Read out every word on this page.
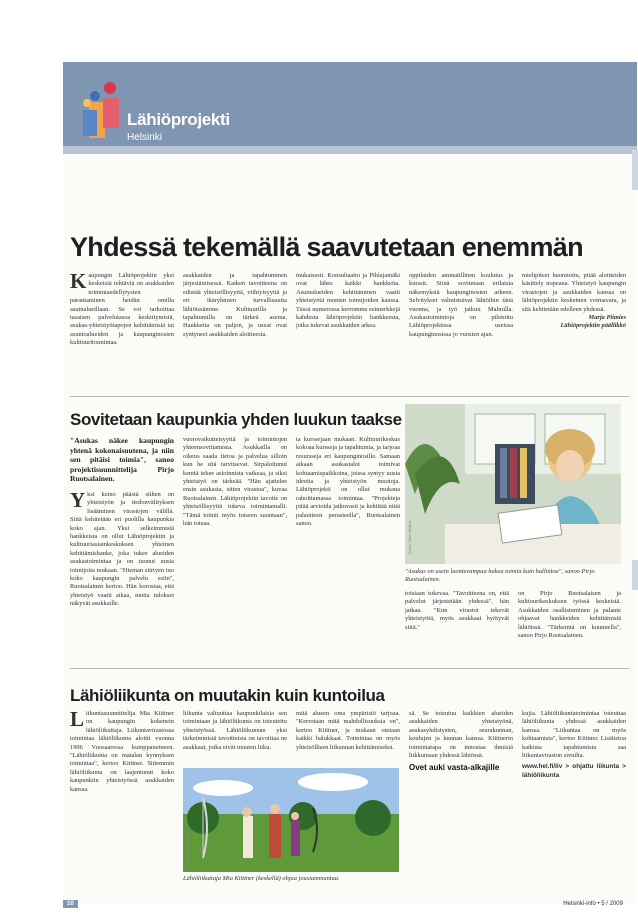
Lähiöprojekti
Helsinki
Yhdessä tekemällä saavutetaan enemmän
Kaupungin Lähiöprojektin yksi keskeisiä tehtäviä on asukkaiden toimintaedellytysten parantaminen heidän omilla asuinalueillaan. Se voi tarkoittaa tasaisen palvelutasoa keskittymistä, asukas-yhteistyötapojen kehittämistä tai asuntoalueiden ja kaupunginosien kulttuuritoimintaa.
asukkaiden ja tapahtuminen järjestämisessä. Kaiken tavoitteena on edistää yhteisöllisyyttä, viihtyisyyttä ja eri ikäryhmien turvallisuutta lähiöissämme. Kulttuurilla ja tapahtumilla on tärkeä asema. Hankkeita on paljon, ja useat ovat syntyneet asukkaiden aloitteesta.
mukaisesti. Konsultaatio ja Pihlajamäki ovat lähes kaikki hankkeita. Asuinalueiden kehittäminen vaatii yhteistyötä monien toimijoiden kanssa. Tässä numerossa kerromme esimerkkejä kahdesta lähiöprojektin hankkeesta, jotka tukevat asukkaiden arkea.
oppilaiden ammatillinen koulutus ja kurssit. Siinä sovitetaan erilaisia näkemyksiä kaupunginosien arkeen. Selvitykset valmistuivat lähiöihin tänä vuonna, ja työ jatkuu Malmilla. Asukastoimintoja on pilotoitu Lähiöprojektissa useissa kaupunginosissa jo vuosien ajan.
mielipiteet huomioitu, pitää aloitteiden käsittely nopeana. Yhteistyö kaupungin virastojen ja asukkaiden kanssa on lähiöprojektin keskeinen voimavara, ja sitä kehitetään edelleen yhdessä.
Marja Piimies
Lähiöprojektin päällikkö
Sovitetaan kaupunkia yhden luukun taakse
"Asukas näkee kaupungin yhtenä kokonaisuutena, ja niin sen pitäisi toimia", sanoo projektisuunnittelija Pirjo Ruotsalainen.
Y ksi keino päästä siihen on yhteistyön ja tiedonvälityksen lisääminen virastojen välillä. Siitä kehitetään eri puolilla kaupunkia koko ajan. Yksi selkeimmistä hankkeista on ollut Lähiöprojektin ja kulttuuriasiainkeskuksen yhteinen kehittämishanke, joka tukee alueiden asukastoimintaa ja on tuonut uusia toimijoita mukaan. "Hieman siirtyen tuo koko kaupungin palvelu esiin", Ruotsalainen kertoo. Hän korostaa, että yhteistyö vaatii aikaa, mutta tulokset näkyvät asukkaille.
vuorovaikutteisyyttä ja toimintojen yhteensovittamista. Asukkailla on oikeus saada tietoa ja palvelua silloin kun he sitä tarvitsevat. Sirpaloitunut kenttä tekee asioinnista vaikeaa, ja siksi yhteistyö on tärkeää. "Hän ajattelee ensin asukasta, sitten virastoa", kuvaa Ruotsalainen. Lähiöprojektin tavoite on yhteisöllisyyttä tukeva toimintamalli. "Tämä toimii myös toiseen suuntaan", hän toteaa.
ta kurssejaan mukaan. Kulttuurikeskus kokoaa kursseja ja tapahtumia, ja tarjoaa resursseja eri kaupunginosille. Samaan aikaan asukastalot toimivat kohtaamispaikkoina, joissa syntyy uusia ideoita ja yhteistyön muotoja. Lähiöprojekti on ollut mukana rahoittamassa toimintaa. "Projekteja pitää arvioida jatkuvasti ja kehittää niitä palautteen perusteella", Ruotsalainen sanoo.	Kuva: Mika Wallius
"Asukas on usein luontevampaa hakea toimia kuin hallintoa", sanoo Pirjo Ruotsalainen.
toisiaan tukevaa. "Tavoitteena on, että palvelut järjestetään yhdessä", hän jatkaa. "Kun virastot tekevät yhteistyötä, myös asukkaat hyötyvät siitä."
on Pirjo Ruotsalaisen ja kulttuurikeskuksen työssä keskeistä. Asukkaiden osallistuminen ja palaute ohjaavat hankkeiden kehittämistä lähiöissä. "Tärkeintä on kuunnella", sanoo Pirjo Ruotsalainen.
Lähiöliikunta on muutakin kuin kuntoilua
Liikuntasuunnittelija Mia Kiittner on kaupungin kokenein lähiöliikuttaja. Liikuntavirastossa toimintaa lähiöliikunta aloitti vuonna 1996 Vuosaaressa kumppaneineen. "Lähiöliikunta on matalan kynnyksen toimintaa", kertoo Kiittner. Sittemmin lähiöliikunta on laajentunut koko kaupunkiin yhteistyössä asukkaiden kanssa.
liikunta valtuuttaa kaupunkilaisia sen toimintaan ja lähiöliikunta on toteutettu yhteistyössä. Lähiöliikunnan yksi tärkeimmistä tavoitteista on tavoittaa ne asukkaat, jotka eivät muuten liiku.
mitä alueen oma ympäristö tarjoaa. "Kerrotaan mitä mahdollisuuksia on", kertoo Kiittner, ja mukaan otetaan kaikki halukkaat. Toimintaa on myös yhteisöllisen liikunnan kehittämiseksi.
sä. Se toteutuu kaikkien alueiden asukkaiden yhteistyönä, asukasyhdistysten, seurakunnan, koulujen ja kunnan kanssa. Kiittnerin toimintatapa on innostaa ihmisiä liikkumaan yhdessä lähiössä.
Ovet auki vasta-alkajille
kujia. Lähiöliikuntatoimintaa toteuttaa lähiöliikunta yhdessä asukkaiden kanssa. "Liikuntaa on myös kohtaamista", kertoo Kiittner. Lisätietoa kaikista tapahtumista saa liikuntaviraston sivuilta.
www.hel.fi/liv > ohjattu liikunta > lähiöliikunta
Kuva: Mika Wallius
Lähiöliikuttaja Mia Kiittner (keskellä) ohjaa jousiammuntaa.
10	Helsinki-info • 5 / 2009
